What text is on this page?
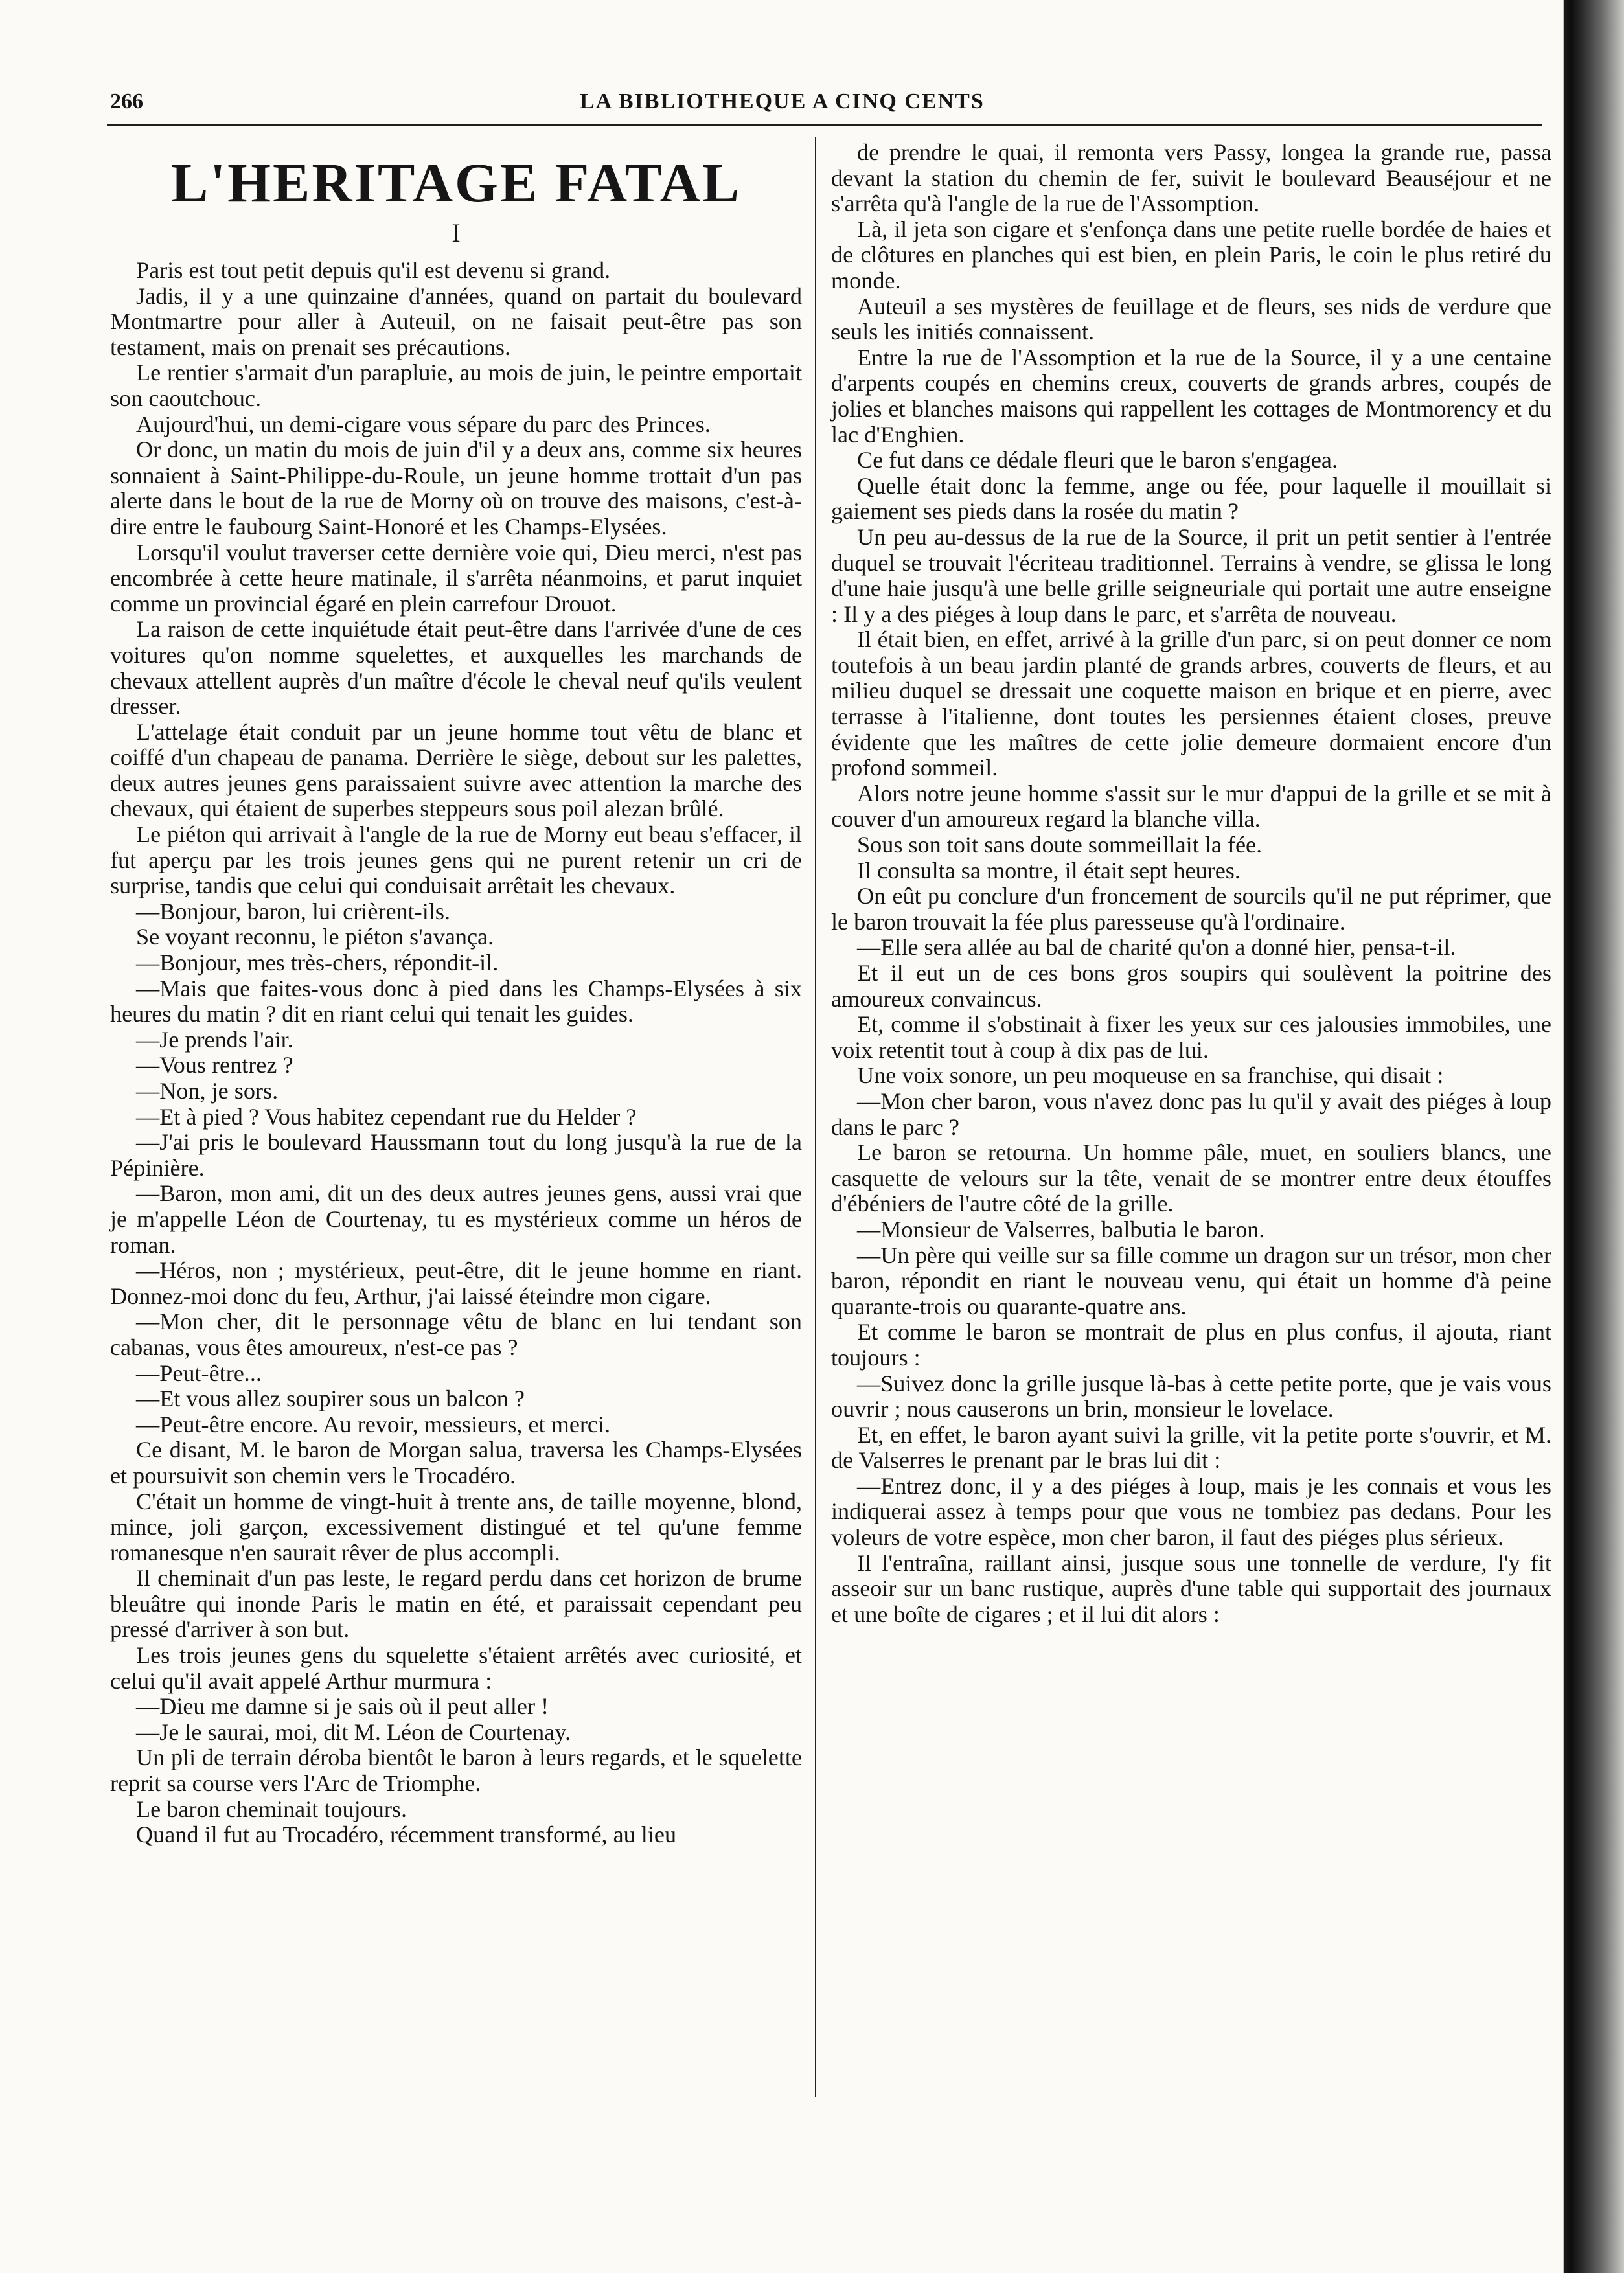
266	LA BIBLIOTHEQUE A CINQ CENTS
L'HERITAGE FATAL
I

Paris est tout petit depuis qu'il est devenu si grand.

Jadis, il y a une quinzaine d'années, quand on partait du boulevard Montmartre pour aller à Auteuil, on ne faisait peut-être pas son testament, mais on prenait ses précautions.

Le rentier s'armait d'un parapluie, au mois de juin, le peintre emportait son caoutchouc.

Aujourd'hui, un demi-cigare vous sépare du parc des Princes.

Or donc, un matin du mois de juin d'il y a deux ans, comme six heures sonnaient à Saint-Philippe-du-Roule, un jeune homme trottait d'un pas alerte dans le bout de la rue de Morny où on trouve des maisons, c'est-à-dire entre le faubourg Saint-Honoré et les Champs-Elysées.

Lorsqu'il voulut traverser cette dernière voie qui, Dieu merci, n'est pas encombrée à cette heure matinale, il s'arrêta néanmoins, et parut inquiet comme un provincial égaré en plein carrefour Drouot.

La raison de cette inquiétude était peut-être dans l'arrivée d'une de ces voitures qu'on nomme squelettes, et auxquelles les marchands de chevaux attellent auprès d'un maître d'école le cheval neuf qu'ils veulent dresser.

L'attelage était conduit par un jeune homme tout vêtu de blanc et coiffé d'un chapeau de panama. Derrière le siège, debout sur les palettes, deux autres jeunes gens paraissaient suivre avec attention la marche des chevaux, qui étaient de superbes steppeurs sous poil alezan brûlé.

Le piéton qui arrivait à l'angle de la rue de Morny eut beau s'effacer, il fut aperçu par les trois jeunes gens qui ne purent retenir un cri de surprise, tandis que celui qui conduisait arrêtait les chevaux.

—Bonjour, baron, lui crièrent-ils.

Se voyant reconnu, le piéton s'avança.

—Bonjour, mes très-chers, répondit-il.

—Mais que faites-vous donc à pied dans les Champs-Elysées à six heures du matin ? dit en riant celui qui tenait les guides.

—Je prends l'air.

—Vous rentrez ?

—Non, je sors.

—Et à pied ? Vous habitez cependant rue du Helder ?

—J'ai pris le boulevard Haussmann tout du long jusqu'à la rue de la Pépinière.

—Baron, mon ami, dit un des deux autres jeunes gens, aussi vrai que je m'appelle Léon de Courtenay, tu es mystérieux comme un héros de roman.

—Héros, non ; mystérieux, peut-être, dit le jeune homme en riant. Donnez-moi donc du feu, Arthur, j'ai laissé éteindre mon cigare.

—Mon cher, dit le personnage vêtu de blanc en lui tendant son cabanas, vous êtes amoureux, n'est-ce pas ?

—Peut-être...

—Et vous allez soupirer sous un balcon ?

—Peut-être encore. Au revoir, messieurs, et merci.

Ce disant, M. le baron de Morgan salua, traversa les Champs-Elysées et poursuivit son chemin vers le Trocadéro.

C'était un homme de vingt-huit à trente ans, de taille moyenne, blond, mince, joli garçon, excessivement distingué et tel qu'une femme romanesque n'en saurait rêver de plus accompli.

Il cheminait d'un pas leste, le regard perdu dans cet horizon de brume bleuâtre qui inonde Paris le matin en été, et paraissait cependant peu pressé d'arriver à son but.

Les trois jeunes gens du squelette s'étaient arrêtés avec curiosité, et celui qu'il avait appelé Arthur murmura :

—Dieu me damne si je sais où il peut aller !

—Je le saurai, moi, dit M. Léon de Courtenay.

Un pli de terrain déroba bientôt le baron à leurs regards, et le squelette reprit sa course vers l'Arc de Triomphe.

Le baron cheminait toujours.

Quand il fut au Trocadéro, récemment transformé, au lieu

de prendre le quai, il remonta vers Passy, longea la grande rue, passa devant la station du chemin de fer, suivit le boulevard Beauséjour et ne s'arrêta qu'à l'angle de la rue de l'Assomption.

Là, il jeta son cigare et s'enfonça dans une petite ruelle bordée de haies et de clôtures en planches qui est bien, en plein Paris, le coin le plus retiré du monde.

Auteuil a ses mystères de feuillage et de fleurs, ses nids de verdure que seuls les initiés connaissent.

Entre la rue de l'Assomption et la rue de la Source, il y a une centaine d'arpents coupés en chemins creux, couverts de grands arbres, coupés de jolies et blanches maisons qui rappellent les cottages de Montmorency et du lac d'Enghien.

Ce fut dans ce dédale fleuri que le baron s'engagea.

Quelle était donc la femme, ange ou fée, pour laquelle il mouillait si gaiement ses pieds dans la rosée du matin ?

Un peu au-dessus de la rue de la Source, il prit un petit sentier à l'entrée duquel se trouvait l'écriteau traditionnel. Terrains à vendre, se glissa le long d'une haie jusqu'à une belle grille seigneuriale qui portait une autre enseigne : Il y a des piéges à loup dans le parc, et s'arrêta de nouveau.

Il était bien, en effet, arrivé à la grille d'un parc, si on peut donner ce nom toutefois à un beau jardin planté de grands arbres, couverts de fleurs, et au milieu duquel se dressait une coquette maison en brique et en pierre, avec terrasse à l'italienne, dont toutes les persiennes étaient closes, preuve évidente que les maîtres de cette jolie demeure dormaient encore d'un profond sommeil.

Alors notre jeune homme s'assit sur le mur d'appui de la grille et se mit à couver d'un amoureux regard la blanche villa.

Sous son toit sans doute sommeillait la fée.

Il consulta sa montre, il était sept heures.

On eût pu conclure d'un froncement de sourcils qu'il ne put réprimer, que le baron trouvait la fée plus paresseuse qu'à l'ordinaire.

—Elle sera allée au bal de charité qu'on a donné hier, pensa-t-il.

Et il eut un de ces bons gros soupirs qui soulèvent la poitrine des amoureux convaincus.

Et, comme il s'obstinait à fixer les yeux sur ces jalousies immobiles, une voix retentit tout à coup à dix pas de lui.

Une voix sonore, un peu moqueuse en sa franchise, qui disait :

—Mon cher baron, vous n'avez donc pas lu qu'il y avait des piéges à loup dans le parc ?

Le baron se retourna. Un homme pâle, muet, en souliers blancs, une casquette de velours sur la tête, venait de se montrer entre deux étouffes d'ébéniers de l'autre côté de la grille.

—Monsieur de Valserres, balbutia le baron.

—Un père qui veille sur sa fille comme un dragon sur un trésor, mon cher baron, répondit en riant le nouveau venu, qui était un homme d'à peine quarante-trois ou quarante-quatre ans.

Et comme le baron se montrait de plus en plus confus, il ajouta, riant toujours :

—Suivez donc la grille jusque là-bas à cette petite porte, que je vais vous ouvrir ; nous causerons un brin, monsieur le lovelace.

Et, en effet, le baron ayant suivi la grille, vit la petite porte s'ouvrir, et M. de Valserres le prenant par le bras lui dit :

—Entrez donc, il y a des piéges à loup, mais je les connais et vous les indiquerai assez à temps pour que vous ne tombiez pas dedans. Pour les voleurs de votre espèce, mon cher baron, il faut des piéges plus sérieux.

Il l'entraîna, raillant ainsi, jusque sous une tonnelle de verdure, l'y fit asseoir sur un banc rustique, auprès d'une table qui supportait des journaux et une boîte de cigares ; et il lui dit alors :
